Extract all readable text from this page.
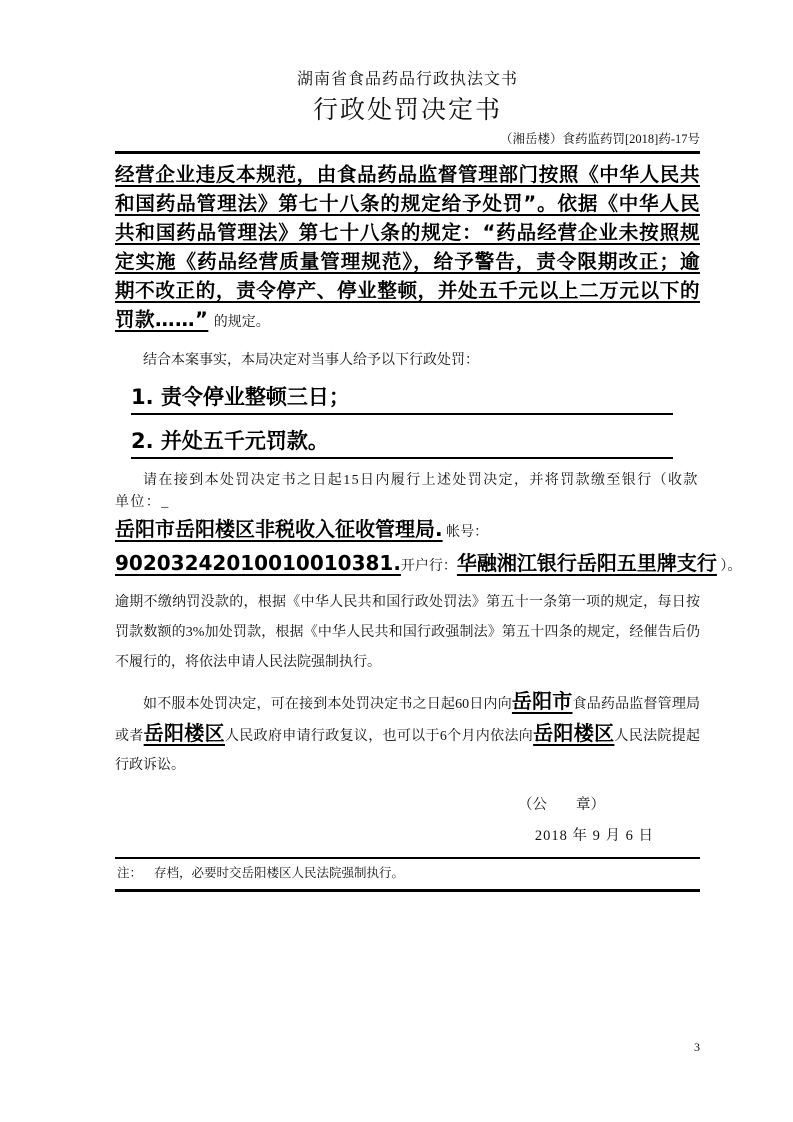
湖南省食品药品行政执法文书
行政处罚决定书
（湘岳楼）食药监药罚[2018]药-17号

经营企业违反本规范，由食品药品监督管理部门按照《中华人民共和国药品管理法》第七十八条的规定给予处罚”。依据《中华人民共和国药品管理法》第七十八条的规定：“药品经营企业未按照规定实施《药品经营质量管理规范》，给予警告，责令限期改正；逾期不改正的，责令停产、停业整顿，并处五千元以上二万元以下的罚款……” 的规定。

结合本案事实，本局决定对当事人给予以下行政处罚：

1. 责令停业整顿三日；
2. 并处五千元罚款。

请在接到本处罚决定书之日起15日内履行上述处罚决定，并将罚款缴至银行（收款单位：_

岳阳市岳阳楼区非税收入征收管理局. 帐号：
90203242010010010381.开户行：华融湘江银行岳阳五里牌支行 ）。

逾期不缴纳罚没款的，根据《中华人民共和国行政处罚法》第五十一条第一项的规定，每日按罚款数额的3%加处罚款，根据《中华人民共和国行政强制法》第五十四条的规定，经催告后仍不履行的，将依法申请人民法院强制执行。

如不服本处罚决定，可在接到本处罚决定书之日起60日内向岳阳市食品药品监督管理局或者岳阳楼区人民政府申请行政复议，也可以于6个月内依法向岳阳楼区人民法院提起行政诉讼。

（公　　章）
2018 年 9 月 6 日
注： 存档，必要时交岳阳楼区人民法院强制执行。
3
